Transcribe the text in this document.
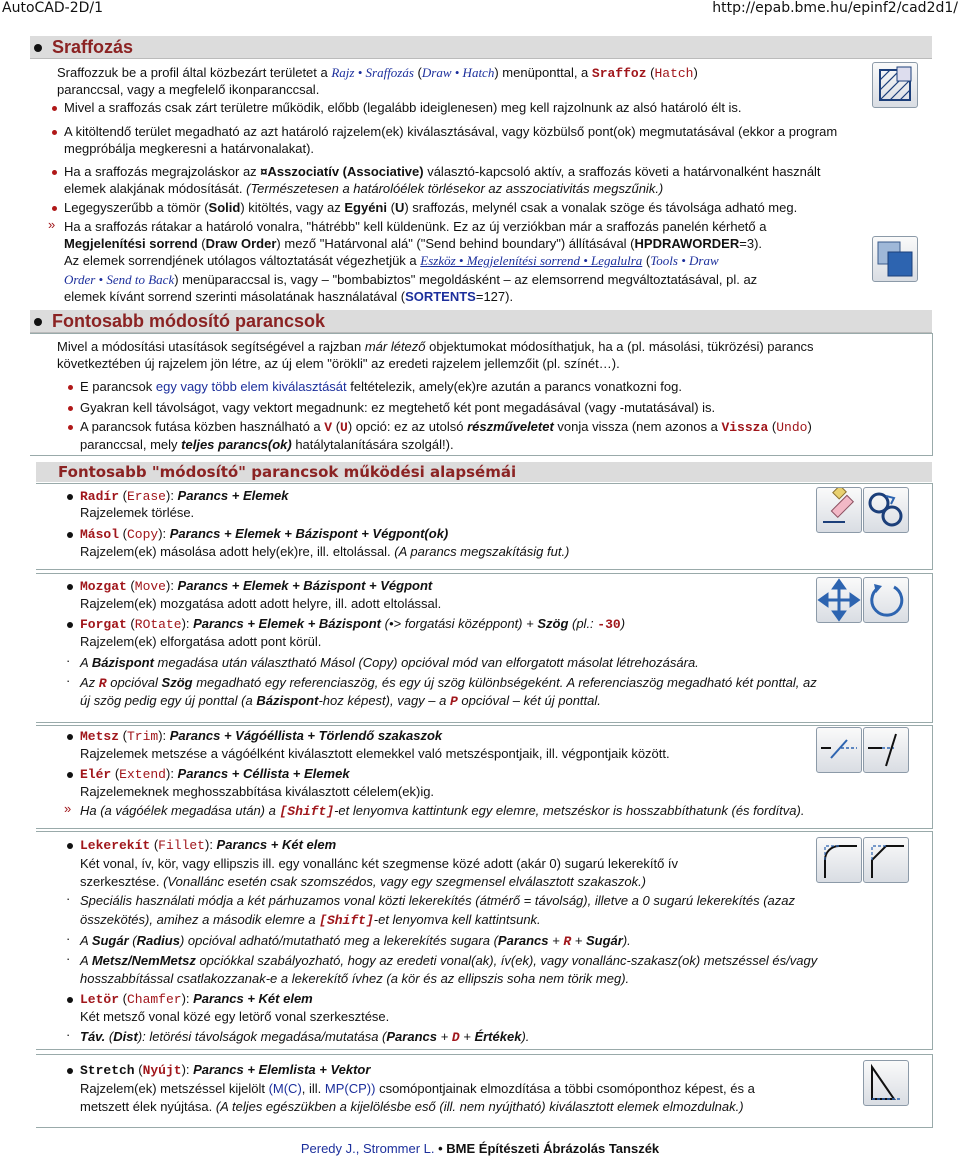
AutoCAD-2D/1	http://epab.bme.hu/epinf2/cad2d1/
Sraffozás
Sraffozzuk be a profil által közbezárt területet a Rajz • Sraffozás (Draw • Hatch) menüponttal, a Sraffoz (Hatch)
paranccsal, vagy a megfelelő ikonparanccsal.
Mivel a sraffozás csak zárt területre működik, előbb (legalább ideiglenesen) meg kell rajzolnunk az alsó határoló élt is.
A kitöltendő terület megadható az azt határoló rajzelem(ek) kiválasztásával, vagy közbülső pont(ok) megmutatásával (ekkor a program
megpróbálja megkeresni a határvonalakat).
Ha a sraffozás megrajzoláskor az ¤Asszociatív (Associative) választó-kapcsoló aktív, a sraffozás követi a határvonalként használt
elemek alakjának módosítását. (Természetesen a határolóélek törlésekor az asszociativitás megszűnik.)
Legegyszerűbb a tömör (Solid) kitöltés, vagy az Egyéni (U) sraffozás, melynél csak a vonalak szöge és távolsága adható meg.
» Ha a sraffozás rátakar a határoló vonalra, "hátrébb" kell küldenünk. Ez az új verziókban már a sraffozás panelén kérhető a
Megjelenítési sorrend (Draw Order) mező "Határvonal alá" ("Send behind boundary") állításával (HPDRAWORDER=3).
Az elemek sorrendjének utólagos változtatását végezhetjük a Eszköz • Megjelenítési sorrend • Legalulra (Tools • Draw
Order • Send to Back) menüparaccsal is, vagy – "bombabiztos" megoldásként – az elemsorrend megváltoztatásával, pl. az
elemek kívánt sorrend szerinti másolatának használatával (SORTENTS=127).
Fontosabb módosító parancsok
Mivel a módosítási utasítások segítségével a rajzban már létező objektumokat módosíthatjuk, ha a (pl. másolási, tükrözési) parancs
következtében új rajzelem jön létre, az új elem "örökli" az eredeti rajzelem jellemzőit (pl. színét…).
E parancsok egy vagy több elem kiválasztását feltételezik, amely(ek)re azután a parancs vonatkozni fog.
Gyakran kell távolságot, vagy vektort megadnunk: ez megtehető két pont megadásával (vagy -mutatásával) is.
A parancsok futása közben használható a V (U) opció: ez az utolsó részműveletet vonja vissza (nem azonos a Vissza (Undo)
paranccsal, mely teljes parancs(ok) hatálytalanítására szolgál!).
Fontosabb "módosító" parancsok működési alapsémái
Radír (Erase): Parancs + Elemek
Rajzelemek törlése.
Másol (Copy): Parancs + Elemek + Bázispont + Végpont(ok)
Rajzelem(ek) másolása adott hely(ek)re, ill. eltolással. (A parancs megszakításig fut.)
Mozgat (Move): Parancs + Elemek + Bázispont + Végpont
Rajzelem(ek) mozgatása adott adott helyre, ill. adott eltolással.
Forgat (ROtate): Parancs + Elemek + Bázispont (•> forgatási középpont) + Szög (pl.: -30)
Rajzelem(ek) elforgatása adott pont körül.
· A Bázispont megadása után választható Másol (Copy) opcióval mód van elforgatott másolat létrehozására.
· Az R opcióval Szög megadható egy referenciaszög, és egy új szög különbségeként. A referenciaszög megadható két ponttal, az
új szög pedig egy új ponttal (a Bázispont-hoz képest), vagy – a P opcióval – két új ponttal.
Metsz (Trim): Parancs + Vágóéllista + Törlendő szakaszok
Rajzelemek metszése a vágóélként kiválasztott elemekkel való metszéspontjaik, ill. végpontjaik között.
Elér (Extend): Parancs + Céllista + Elemek
Rajzelemeknek meghosszabbítása kiválasztott célelem(ek)ig.
» Ha (a vágóélek megadása után) a [Shift]-et lenyomva kattintunk egy elemre, metszéskor is hosszabbíthatunk (és fordítva).
Lekerekít (Fillet): Parancs + Két elem
Két vonal, ív, kör, vagy ellipszis ill. egy vonallánc két szegmense közé adott (akár 0) sugarú lekerekítő ív
szerkesztése. (Vonallánc esetén csak szomszédos, vagy egy szegmensel elválasztott szakaszok.)
· Speciális használati módja a két párhuzamos vonal közti lekerekítés (átmérő = távolság), illetve a 0 sugarú lekerekítés (azaz
összekötés), amihez a második elemre a [Shift]-et lenyomva kell kattintsunk.
· A Sugár (Radius) opcióval adható/mutatható meg a lekerekítés sugara (Parancs + R + Sugár).
· A Metsz/NemMetsz opciókkal szabályozható, hogy az eredeti vonal(ak), ív(ek), vagy vonallánc-szakasz(ok) metszéssel és/vagy
hosszabbítással csatlakozzanak-e a lekerekítő ívhez (a kör és az ellipszis soha nem törik meg).
Letör (Chamfer): Parancs + Két elem
Két metsző vonal közé egy letörő vonal szerkesztése.
· Táv. (Dist): letörési távolságok megadása/mutatása (Parancs + D + Értékek).
Stretch (Nyújt): Parancs + Elemlista + Vektor
Rajzelem(ek) metszéssel kijelölt (M(C), ill. MP(CP)) csomópontjainak elmozdítása a többi csomóponthoz képest, és a
metszett élek nyújtása. (A teljes egészükben a kijelölésbe eső (ill. nem nyújtható) kiválasztott elemek elmozdulnak.)
Peredy J., Strommer L. • BME Építészeti Ábrázolás Tanszék
